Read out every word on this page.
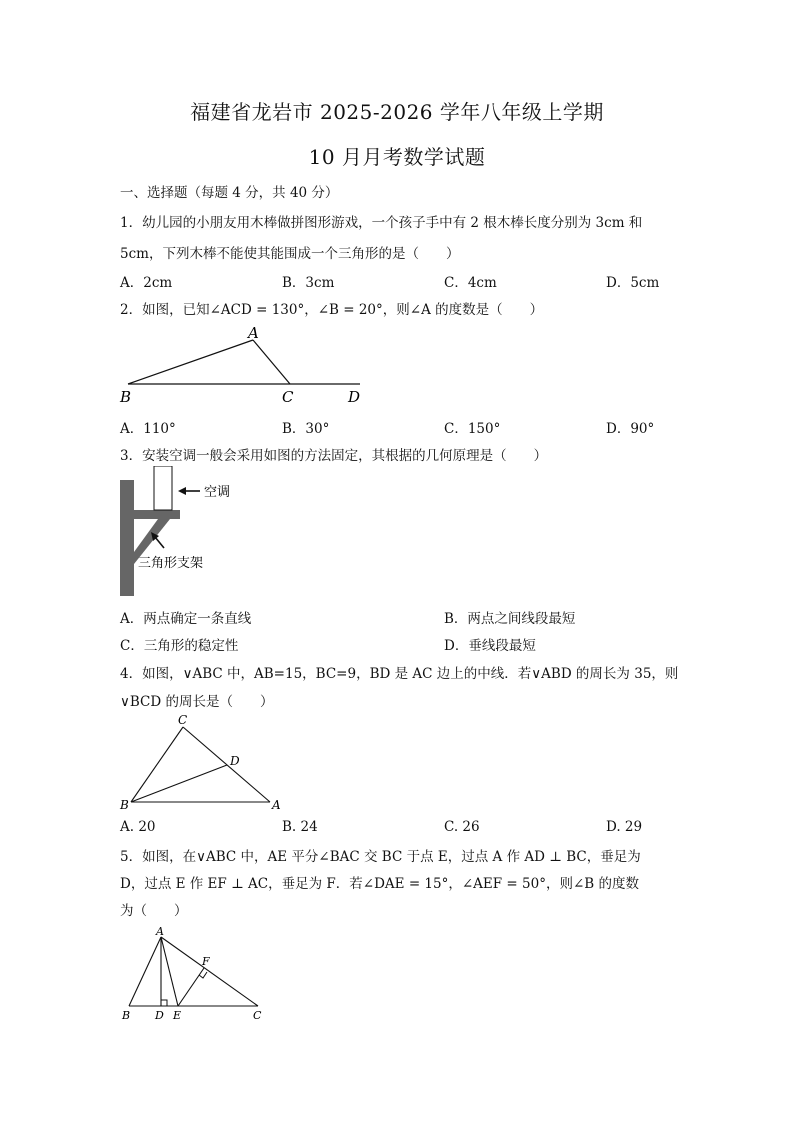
福建省龙岩市 2025-2026 学年八年级上学期
10 月月考数学试题
一、选择题（每题 4 分，共 40 分）
1．幼儿园的小朋友用木棒做拼图形游戏，一个孩子手中有 2 根木棒长度分别为 3cm 和
5cm，下列木棒不能使其能围成一个三角形的是（　　）
A．2cm	B．3cm	C．4cm	D．5cm
2．如图，已知∠ACD = 130°，∠B = 20°，则∠A 的度数是（　　）
A
B	C	D
A．110°	B．30°	C．150°	D．90°
3．安装空调一般会采用如图的方法固定，其根据的几何原理是（　　）
空调
三角形支架
A．两点确定一条直线	B．两点之间线段最短
C．三角形的稳定性	D．垂线段最短
4．如图，∨ABC 中，AB=15，BC=9，BD 是 AC 边上的中线．若∨ABD 的周长为 35，则
∨BCD 的周长是（　　）
C
D
B	A
A. 20	B. 24	C. 26	D. 29
5．如图，在∨ABC 中，AE 平分∠BAC 交 BC 于点 E，过点 A 作 AD ⊥ BC，垂足为
D，过点 E 作 EF ⊥ AC，垂足为 F．若∠DAE = 15°，∠AEF = 50°，则∠B 的度数
为（　　）
A
F
B D E	C
